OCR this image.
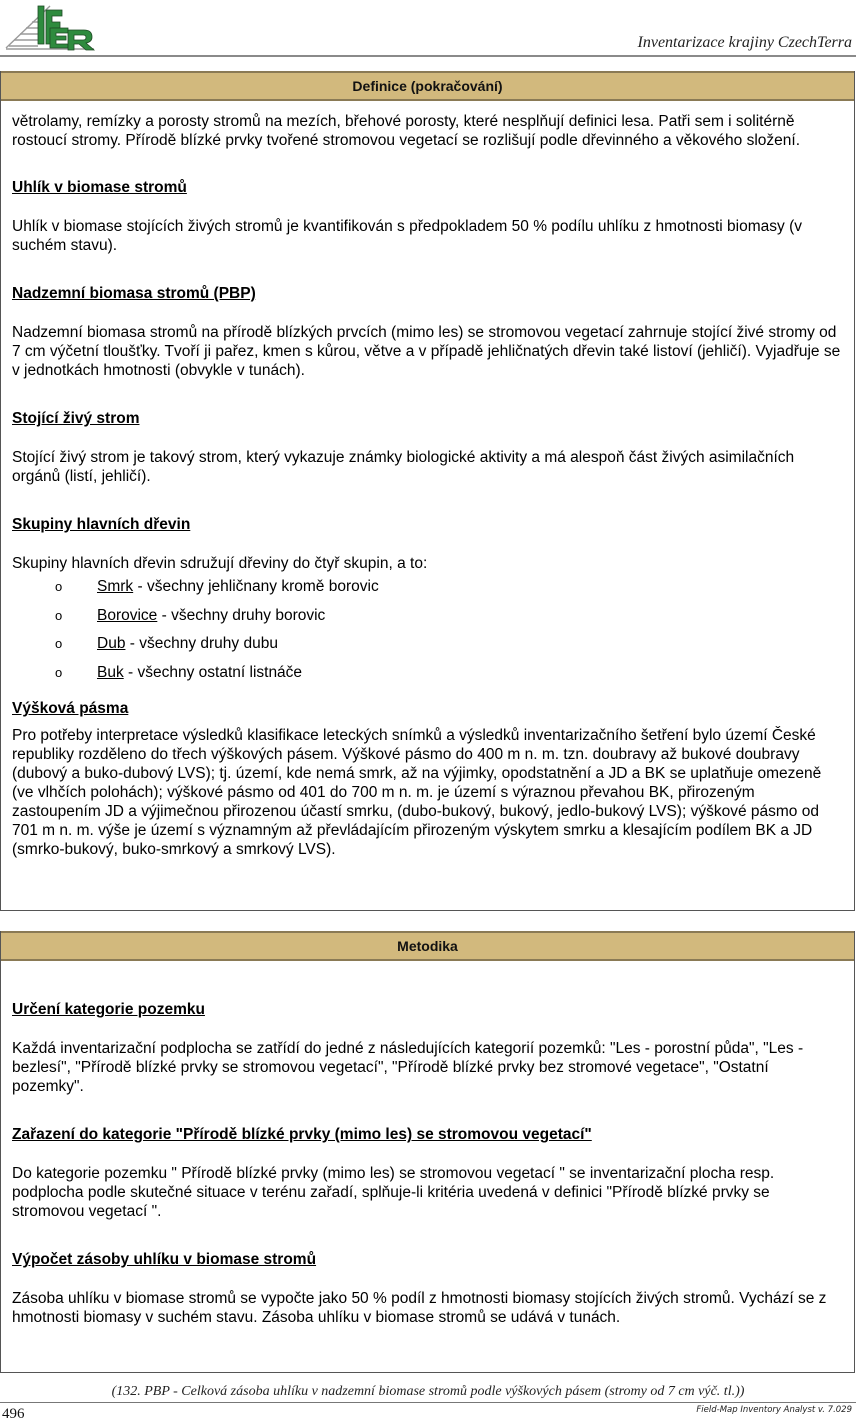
Inventarizace krajiny CzechTerra
Definice (pokračování)

větrolamy, remízky a porosty stromů na mezích, břehové porosty, které nesplňují definici lesa. Patři sem i solitérně rostoucí stromy. Přírodě blízké prvky tvořené stromovou vegetací se rozlišují podle dřevinného a věkového složení.

Uhlík v biomase stromů

Uhlík v biomase stojících živých stromů je kvantifikován s předpokladem 50 % podílu uhlíku z hmotnosti biomasy (v suchém stavu).

Nadzemní biomasa stromů (PBP)

Nadzemní biomasa stromů na přírodě blízkých prvcích (mimo les) se stromovou vegetací zahrnuje stojící živé stromy od 7 cm výčetní tloušťky. Tvoří ji pařez, kmen s kůrou, větve a v případě jehličnatých dřevin také listoví (jehličí). Vyjadřuje se v jednotkách hmotnosti (obvykle v tunách).

Stojící živý strom

Stojící živý strom je takový strom, který vykazuje známky biologické aktivity a má alespoň část živých asimilačních orgánů (listí, jehličí).

Skupiny hlavních dřevin

Skupiny hlavních dřevin sdružují dřeviny do čtyř skupin, a to:

o	Smrk - všechny jehličnany kromě borovic
o	Borovice - všechny druhy borovic
o	Dub - všechny druhy dubu
o	Buk - všechny ostatní listnáče

Výšková pásma

Pro potřeby interpretace výsledků klasifikace leteckých snímků a výsledků inventarizačního šetření bylo území České republiky rozděleno do třech výškových pásem. Výškové pásmo do 400 m n. m. tzn. doubravy až bukové doubravy (dubový a buko-dubový LVS); tj. území, kde nemá smrk, až na výjimky, opodstatnění a JD a BK se uplatňuje omezeně (ve vlhčích polohách); výškové pásmo od 401 do 700 m n. m. je území s výraznou převahou BK, přirozeným zastoupením JD a výjimečnou přirozenou účastí smrku, (dubo-bukový, bukový, jedlo-bukový LVS); výškové pásmo od 701 m n. m. výše je území s významným až převládajícím přirozeným výskytem smrku a klesajícím podílem BK a JD (smrko-bukový, buko-smrkový a smrkový LVS).

Metodika

Určení kategorie pozemku

Každá inventarizační podplocha se zatřídí do jedné z následujících kategorií pozemků: "Les - porostní půda", "Les - bezlesí", "Přírodě blízké prvky se stromovou vegetací", "Přírodě blízké prvky bez stromové vegetace", "Ostatní pozemky".

Zařazení do kategorie "Přírodě blízké prvky (mimo les) se stromovou vegetací"

Do kategorie pozemku " Přírodě blízké prvky (mimo les) se stromovou vegetací " se inventarizační plocha resp. podplocha podle skutečné situace v terénu zařadí, splňuje-li kritéria uvedená v definici "Přírodě blízké prvky se stromovou vegetací ".

Výpočet zásoby uhlíku v biomase stromů

Zásoba uhlíku v biomase stromů se vypočte jako 50 % podíl z hmotnosti biomasy stojících živých stromů. Vychází se z hmotnosti biomasy v suchém stavu. Zásoba uhlíku v biomase stromů se udává v tunách.

(132. PBP - Celková zásoba uhlíku v nadzemní biomase stromů podle výškových pásem (stromy od 7 cm výč. tl.))
496	Field-Map Inventory Analyst v. 7.029
